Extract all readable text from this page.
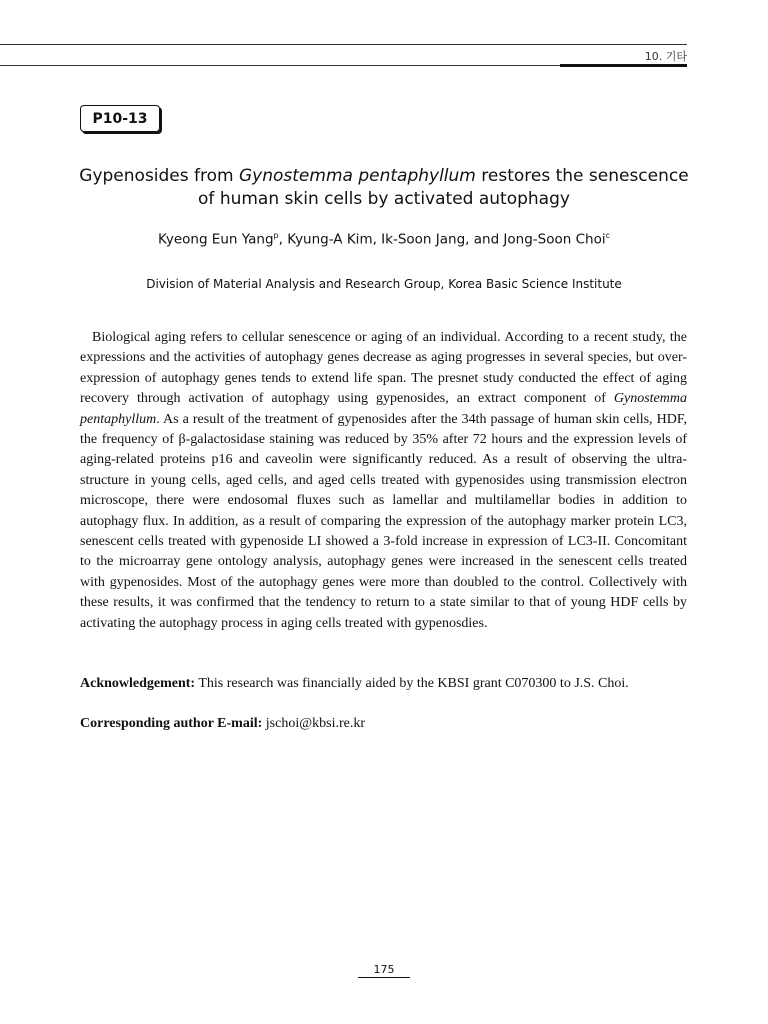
10. 기타
P10-13
Gypenosides from Gynostemma pentaphyllum restores the senescence of human skin cells by activated autophagy
Kyeong Eun Yang$^p$, Kyung-A Kim, Ik-Soon Jang, and Jong-Soon Choi$^c$
Division of Material Analysis and Research Group, Korea Basic Science Institute

Biological aging refers to cellular senescence or aging of an individual. According to a recent study, the expressions and the activities of autophagy genes decrease as aging progresses in several species, but over-expression of autophagy genes tends to extend life span. The presnet study conducted the effect of aging recovery through activation of autophagy using gypenosides, an extract component of Gynostemma pentaphyllum. As a result of the treatment of gypenosides after the 34th passage of human skin cells, HDF, the frequency of β-galactosidase staining was reduced by 35% after 72 hours and the expression levels of aging-related proteins p16 and caveolin were significantly reduced. As a result of observing the ultra-structure in young cells, aged cells, and aged cells treated with gypenosides using transmission electron microscope, there were endosomal fluxes such as lamellar and multilamellar bodies in addition to autophagy flux. In addition, as a result of comparing the expression of the autophagy marker protein LC3, senescent cells treated with gypenoside LI showed a 3-fold increase in expression of LC3-II. Concomitant to the microarray gene ontology analysis, autophagy genes were increased in the senescent cells treated with gypenosides. Most of the autophagy genes were more than doubled to the control. Collectively with these results, it was confirmed that the tendency to return to a state similar to that of young HDF cells by activating the autophagy process in aging cells treated with gypenosdies.

Acknowledgement: This research was financially aided by the KBSI grant C070300 to J.S. Choi.

Corresponding author E-mail: jschoi@kbsi.re.kr

175
